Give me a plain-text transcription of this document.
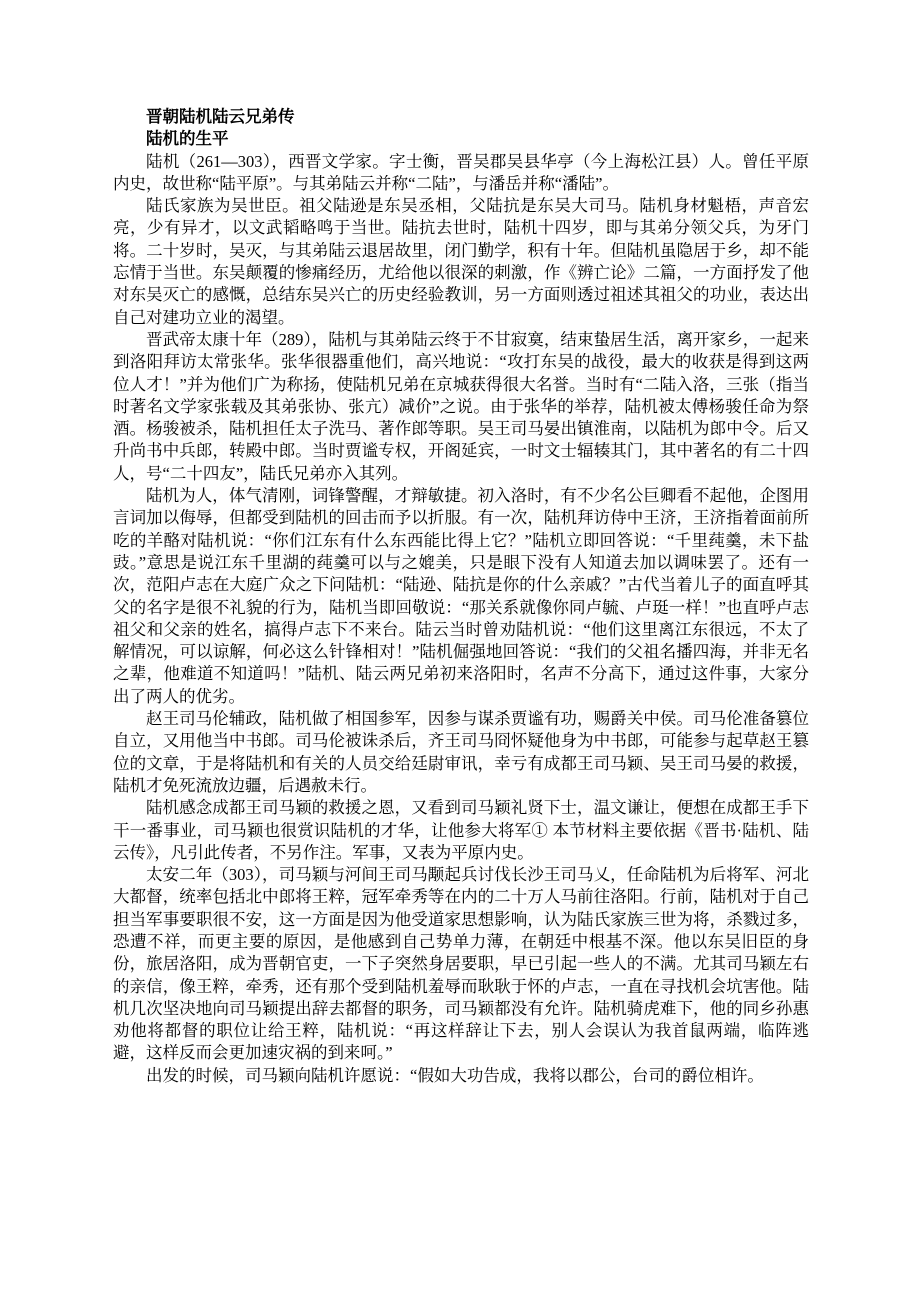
晋朝陆机陆云兄弟传

陆机的生平

陆机（261—303），西晋文学家。字士衡，晋吴郡吴县华亭（今上海松江县）人。曾任平原内史，故世称“陆平原”。与其弟陆云并称“二陆”，与潘岳并称“潘陆”。

陆氏家族为吴世臣。祖父陆逊是东吴丞相，父陆抗是东吴大司马。陆机身材魁梧，声音宏亮，少有异才，以文武韬略鸣于当世。陆抗去世时，陆机十四岁，即与其弟分领父兵，为牙门将。二十岁时，吴灭，与其弟陆云退居故里，闭门勤学，积有十年。但陆机虽隐居于乡，却不能忘情于当世。东吴颠覆的惨痛经历，尤给他以很深的刺激，作《辨亡论》二篇，一方面抒发了他对东吴灭亡的感慨，总结东吴兴亡的历史经验教训，另一方面则透过祖述其祖父的功业，表达出自己对建功立业的渴望。

晋武帝太康十年（289），陆机与其弟陆云终于不甘寂寞，结束蛰居生活，离开家乡，一起来到洛阳拜访太常张华。张华很器重他们，高兴地说：“攻打东吴的战役，最大的收获是得到这两位人才！”并为他们广为称扬，使陆机兄弟在京城获得很大名誉。当时有“二陆入洛，三张（指当时著名文学家张载及其弟张协、张亢）减价”之说。由于张华的举荐，陆机被太傅杨骏任命为祭酒。杨骏被杀，陆机担任太子洗马、著作郎等职。吴王司马晏出镇淮南，以陆机为郎中令。后又升尚书中兵郎，转殿中郎。当时贾谧专权，开阁延宾，一时文士辐辏其门，其中著名的有二十四人，号“二十四友”，陆氏兄弟亦入其列。

陆机为人，体气清刚，词锋警醒，才辩敏捷。初入洛时，有不少名公巨卿看不起他，企图用言词加以侮辱，但都受到陆机的回击而予以折服。有一次，陆机拜访侍中王济，王济指着面前所吃的羊酪对陆机说：“你们江东有什么东西能比得上它？”陆机立即回答说：“千里莼羹，未下盐豉。”意思是说江东千里湖的莼羹可以与之媲美，只是眼下没有人知道去加以调味罢了。还有一次，范阳卢志在大庭广众之下问陆机：“陆逊、陆抗是你的什么亲戚？”古代当着儿子的面直呼其父的名字是很不礼貌的行为，陆机当即回敬说：“那关系就像你同卢毓、卢珽一样！”也直呼卢志祖父和父亲的姓名，搞得卢志下不来台。陆云当时曾劝陆机说：“他们这里离江东很远，不太了解情况，可以谅解，何必这么针锋相对！”陆机倔强地回答说：“我们的父祖名播四海，并非无名之辈，他难道不知道吗！”陆机、陆云两兄弟初来洛阳时，名声不分高下，通过这件事，大家分出了两人的优劣。

赵王司马伦辅政，陆机做了相国参军，因参与谋杀贾谧有功，赐爵关中侯。司马伦准备篡位自立，又用他当中书郎。司马伦被诛杀后，齐王司马冏怀疑他身为中书郎，可能参与起草赵王篡位的文章，于是将陆机和有关的人员交给廷尉审讯，幸亏有成都王司马颖、吴王司马晏的救援，陆机才免死流放边疆，后遇赦未行。

陆机感念成都王司马颖的救援之恩，又看到司马颖礼贤下士，温文谦让，便想在成都王手下干一番事业，司马颖也很赏识陆机的才华，让他参大将军① 本节材料主要依据《晋书·陆机、陆云传》，凡引此传者，不另作注。军事，又表为平原内史。

太安二年（303），司马颖与河间王司马颙起兵讨伐长沙王司马乂，任命陆机为后将军、河北大都督，统率包括北中郎将王粹，冠军牵秀等在内的二十万人马前往洛阳。行前，陆机对于自己担当军事要职很不安，这一方面是因为他受道家思想影响，认为陆氏家族三世为将，杀戮过多，恐遭不祥，而更主要的原因，是他感到自己势单力薄，在朝廷中根基不深。他以东吴旧臣的身份，旅居洛阳，成为晋朝官吏，一下子突然身居要职，早已引起一些人的不满。尤其司马颖左右的亲信，像王粹，牵秀，还有那个受到陆机羞辱而耿耿于怀的卢志，一直在寻找机会坑害他。陆机几次坚决地向司马颖提出辞去都督的职务，司马颖都没有允许。陆机骑虎难下，他的同乡孙惠劝他将都督的职位让给王粹，陆机说：“再这样辞让下去，别人会误认为我首鼠两端，临阵逃避，这样反而会更加速灾祸的到来呵。”

出发的时候，司马颖向陆机许愿说：“假如大功告成，我将以郡公，台司的爵位相许。
